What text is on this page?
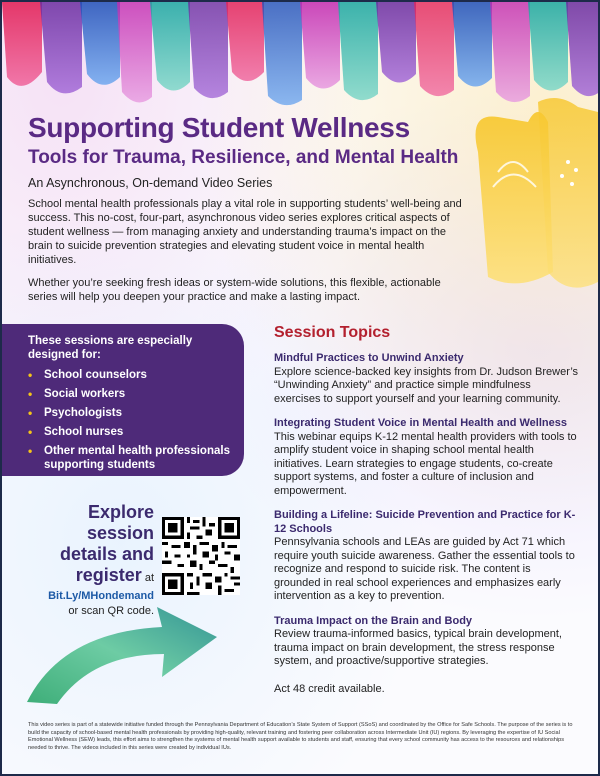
Supporting Student Wellness
Tools for Trauma, Resilience, and Mental Health
An Asynchronous, On-demand Video Series

School mental health professionals play a vital role in supporting students’ well-being and success. This no-cost, four-part, asynchronous video series explores critical aspects of student wellness — from managing anxiety and understanding trauma’s impact on the brain to suicide prevention strategies and elevating student voice in mental health initiatives.

Whether you’re seeking fresh ideas or system-wide solutions, this flexible, actionable series will help you deepen your practice and make a lasting impact.

These sessions are especially designed for:
• School counselors
• Social workers
• Psychologists
• School nurses
• Other mental health professionals supporting students
Explore
session
details and
register at
Bit.Ly/MHondemand
or scan QR code.
Session Topics
Mindful Practices to Unwind Anxiety

Explore science-backed key insights from Dr. Judson Brewer’s “Unwinding Anxiety” and practice simple mindfulness exercises to support yourself and your learning community.

Integrating Student Voice in Mental Health and Wellness

This webinar equips K-12 mental health providers with tools to amplify student voice in shaping school mental health initiatives. Learn strategies to engage students, co-create support systems, and foster a culture of inclusion and empowerment.

Building a Lifeline: Suicide Prevention and Practice for K-12 Schools

Pennsylvania schools and LEAs are guided by Act 71 which require youth suicide awareness. Gather the essential tools to recognize and respond to suicide risk. The content is grounded in real school experiences and emphasizes early intervention as a key to prevention.

Trauma Impact on the Brain and Body

Review trauma-informed basics, typical brain development, trauma impact on brain development, the stress response system, and proactive/supportive strategies.

Act 48 credit available.
This video series is part of a statewide initiative funded through the Pennsylvania Department of Education’s State System of Support (SSoS) and coordinated by the Office for Safe Schools. The purpose of the series is to build the capacity of school-based mental health professionals by providing high-quality, relevant training and fostering peer collaboration across Intermediate Unit (IU) regions. By leveraging the expertise of IU Social Emotional Wellness (SEW) leads, this effort aims to strengthen the systems of mental health support available to students and staff, ensuring that every school community has access to the resources and relationships needed to thrive. The videos included in this series were created by individual IUs.
